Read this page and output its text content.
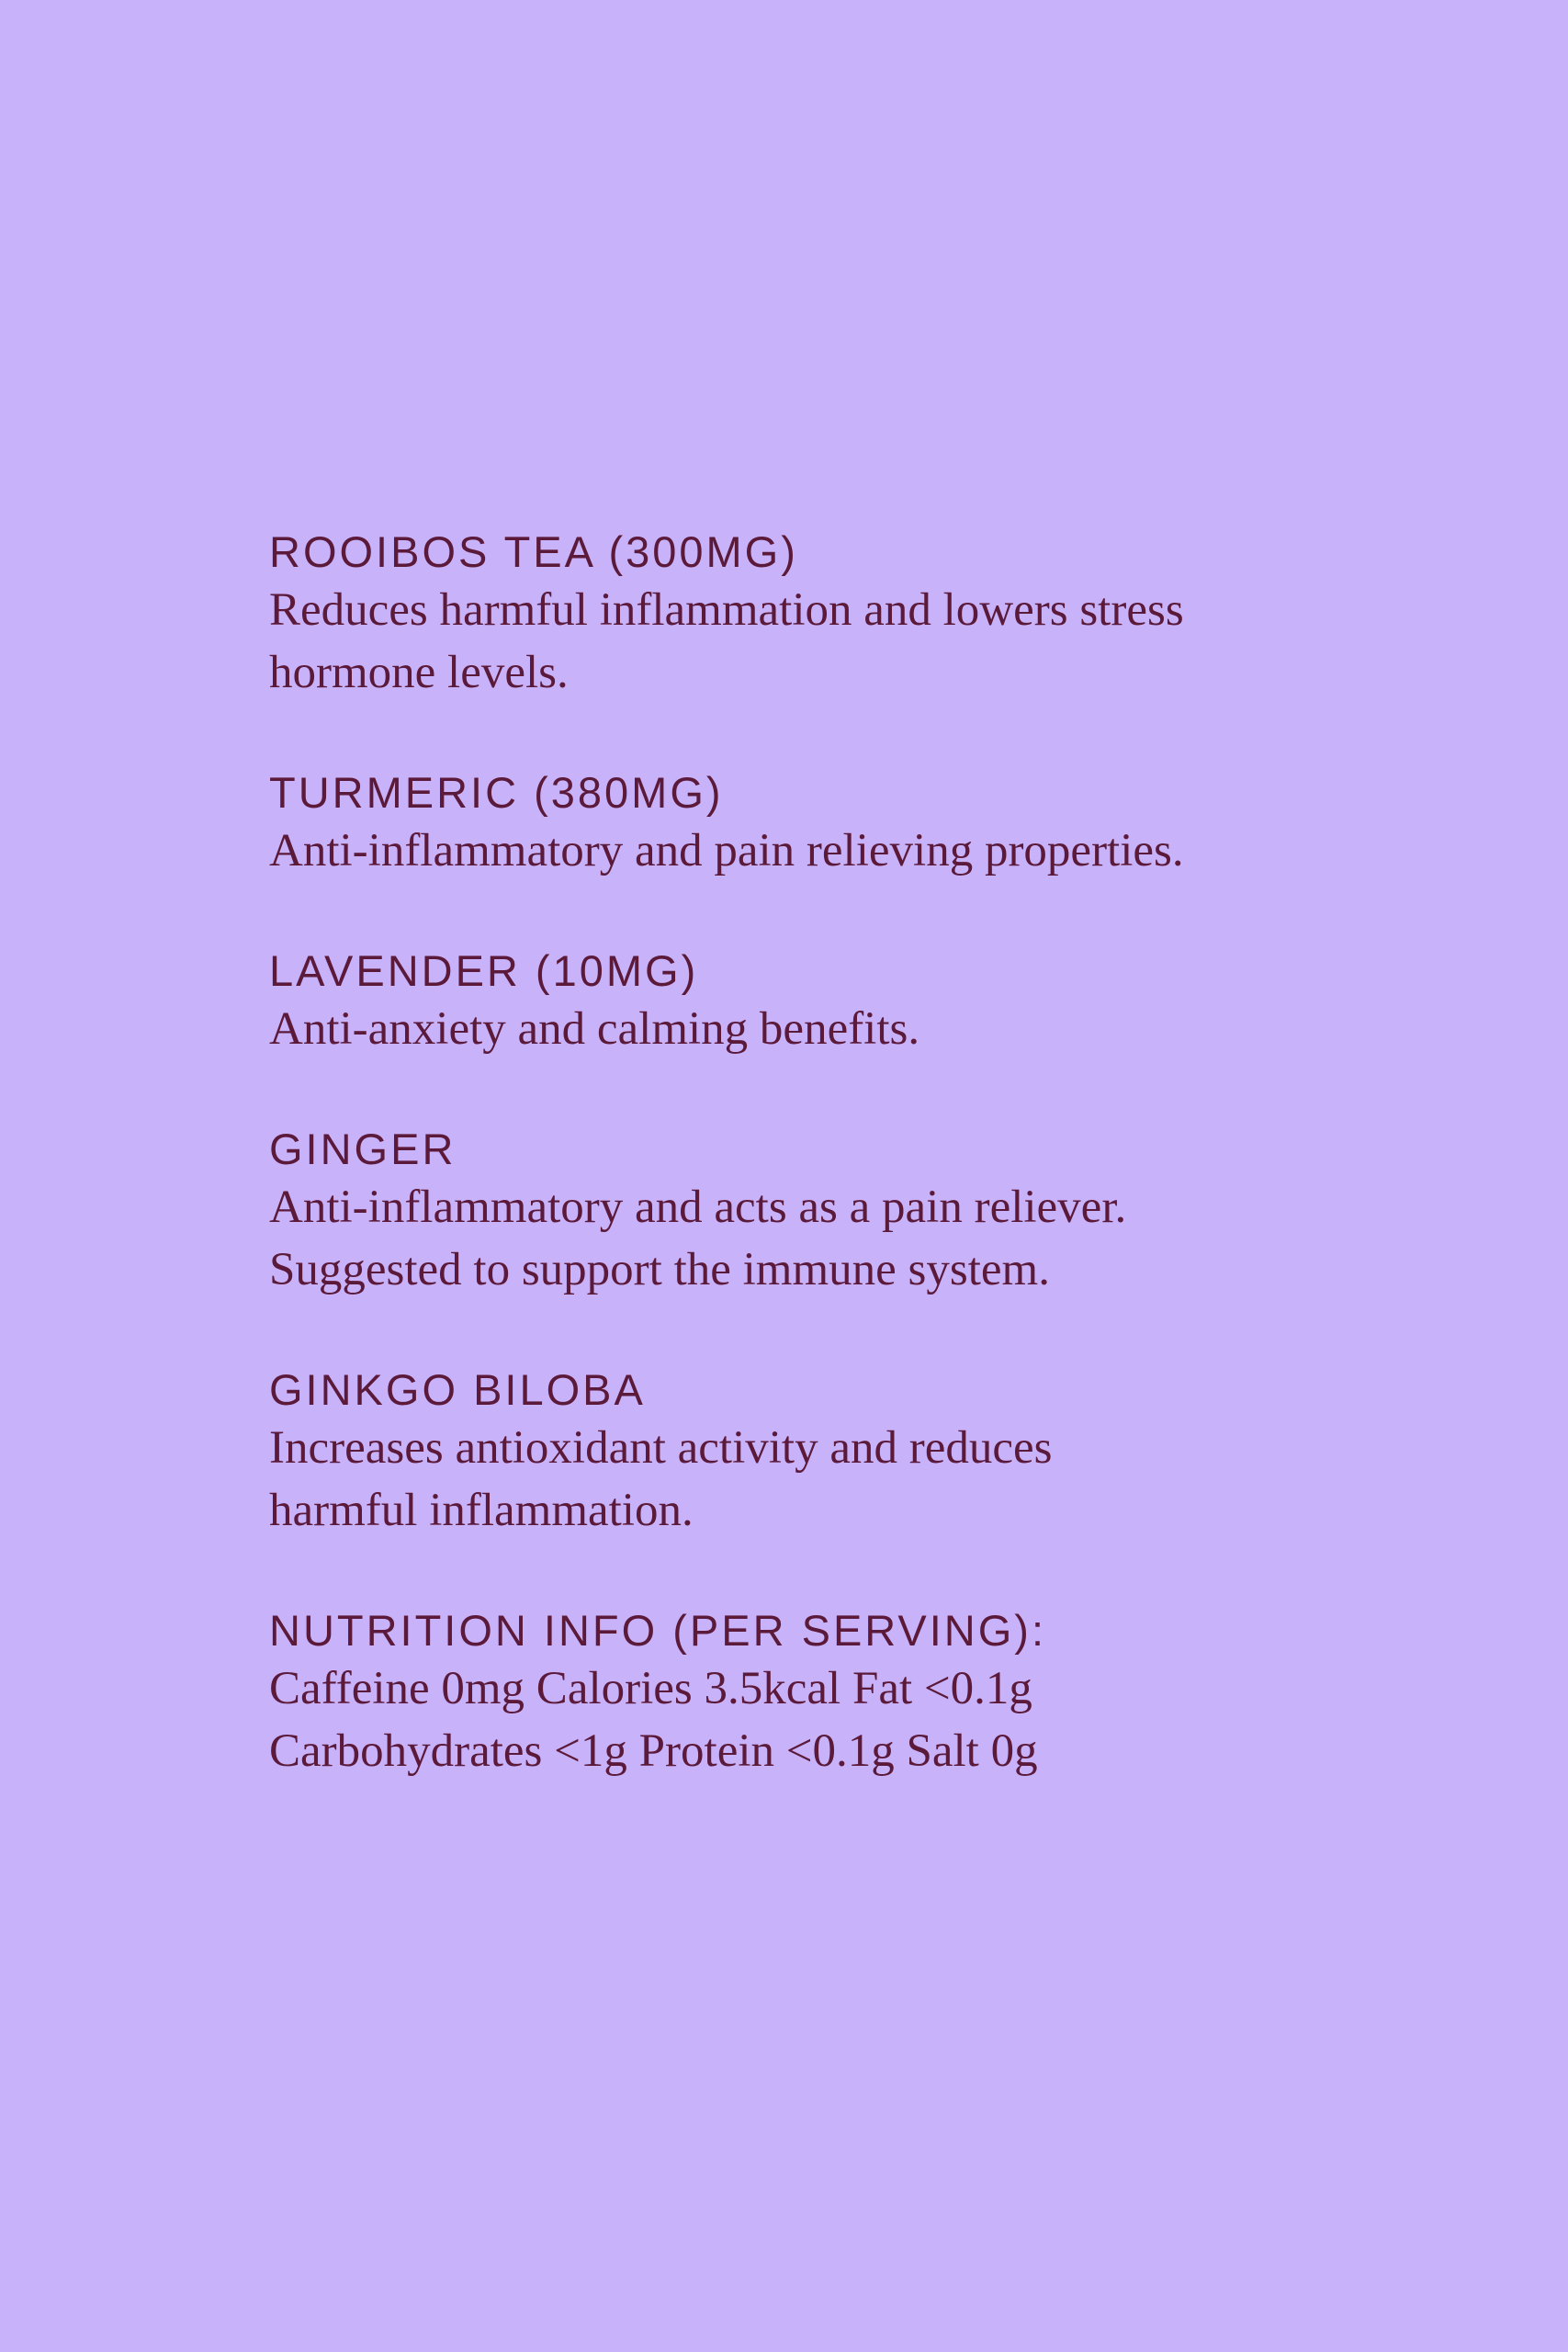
ROOIBOS TEA (300MG)

Reduces harmful inflammation and lowers stress
hormone levels.

TURMERIC (380MG)

Anti-inflammatory and pain relieving properties.

LAVENDER (10MG)

Anti-anxiety and calming benefits.

GINGER

Anti-inflammatory and acts as a pain reliever.
Suggested to support the immune system.

GINKGO BILOBA

Increases antioxidant activity and reduces
harmful inflammation.

NUTRITION INFO (PER SERVING):

Caffeine 0mg Calories 3.5kcal Fat <0.1g
Carbohydrates <1g Protein <0.1g Salt 0g
